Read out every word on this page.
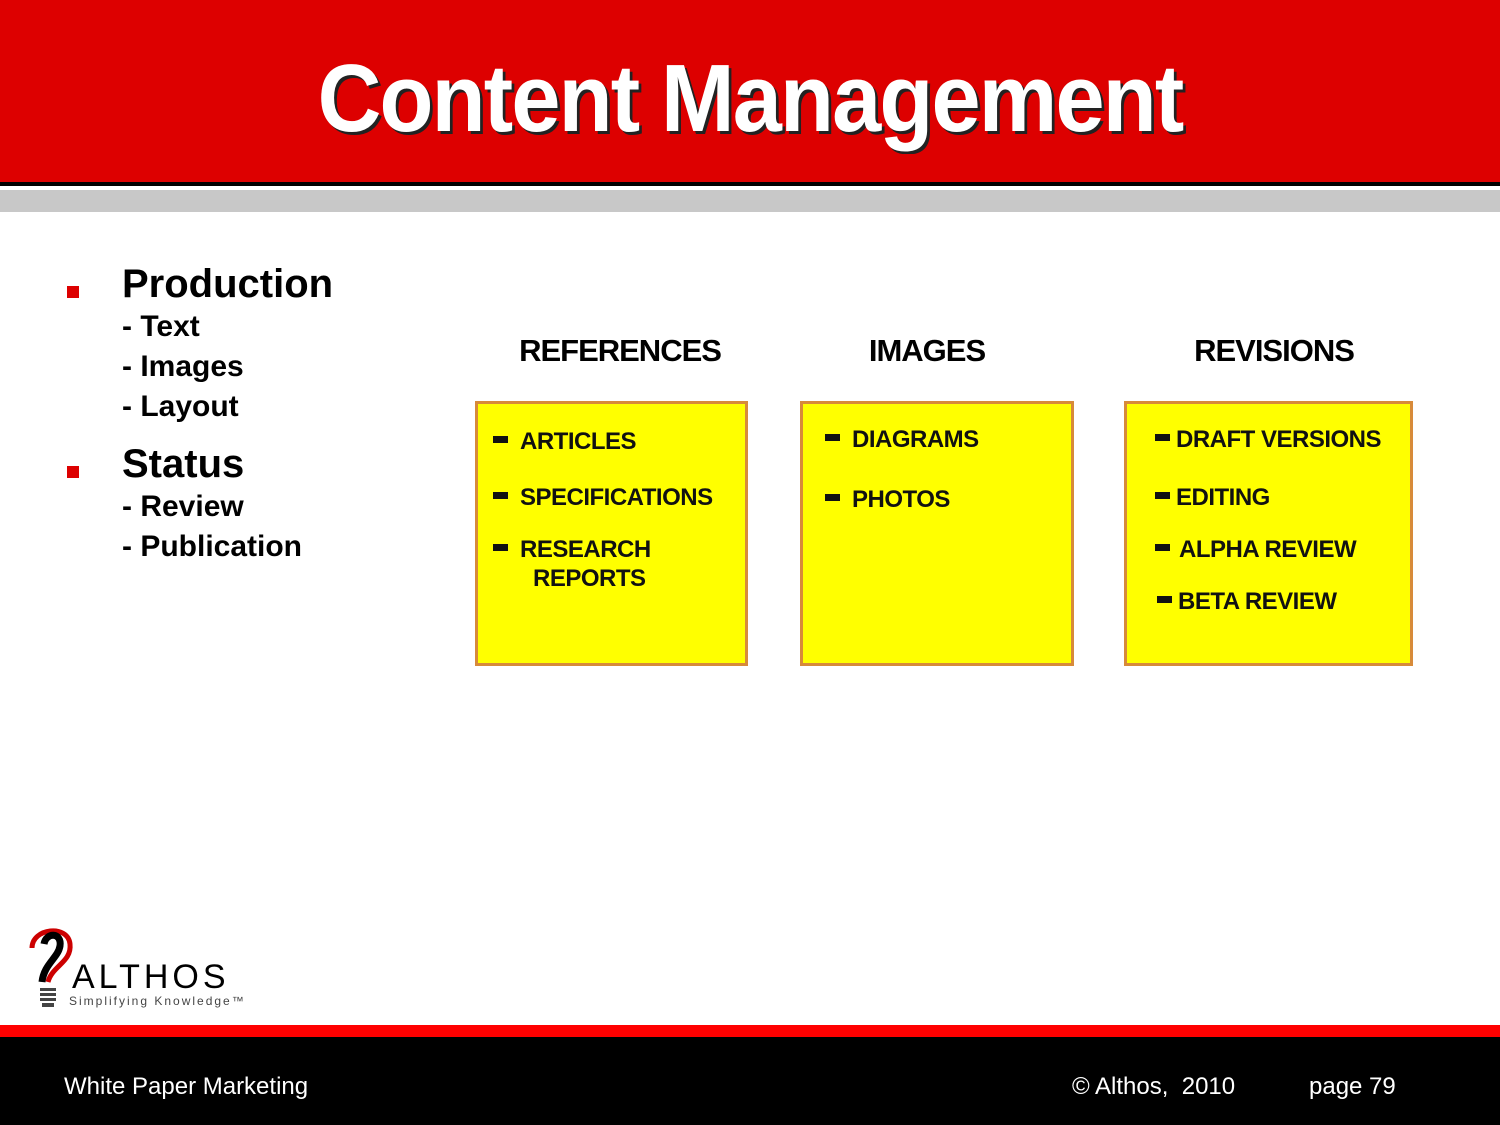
Content Management
Production
- Text
- Images
- Layout
Status
- Review
- Publication
REFERENCES	IMAGES	REVISIONS
ARTICLES
SPECIFICATIONS
RESEARCH
REPORTS
DIAGRAMS
PHOTOS
DRAFT VERSIONS
EDITING
ALPHA REVIEW
BETA REVIEW
ALTHOS
Simplifying Knowledge™
White Paper Marketing	© Althos,  2010	page 79
